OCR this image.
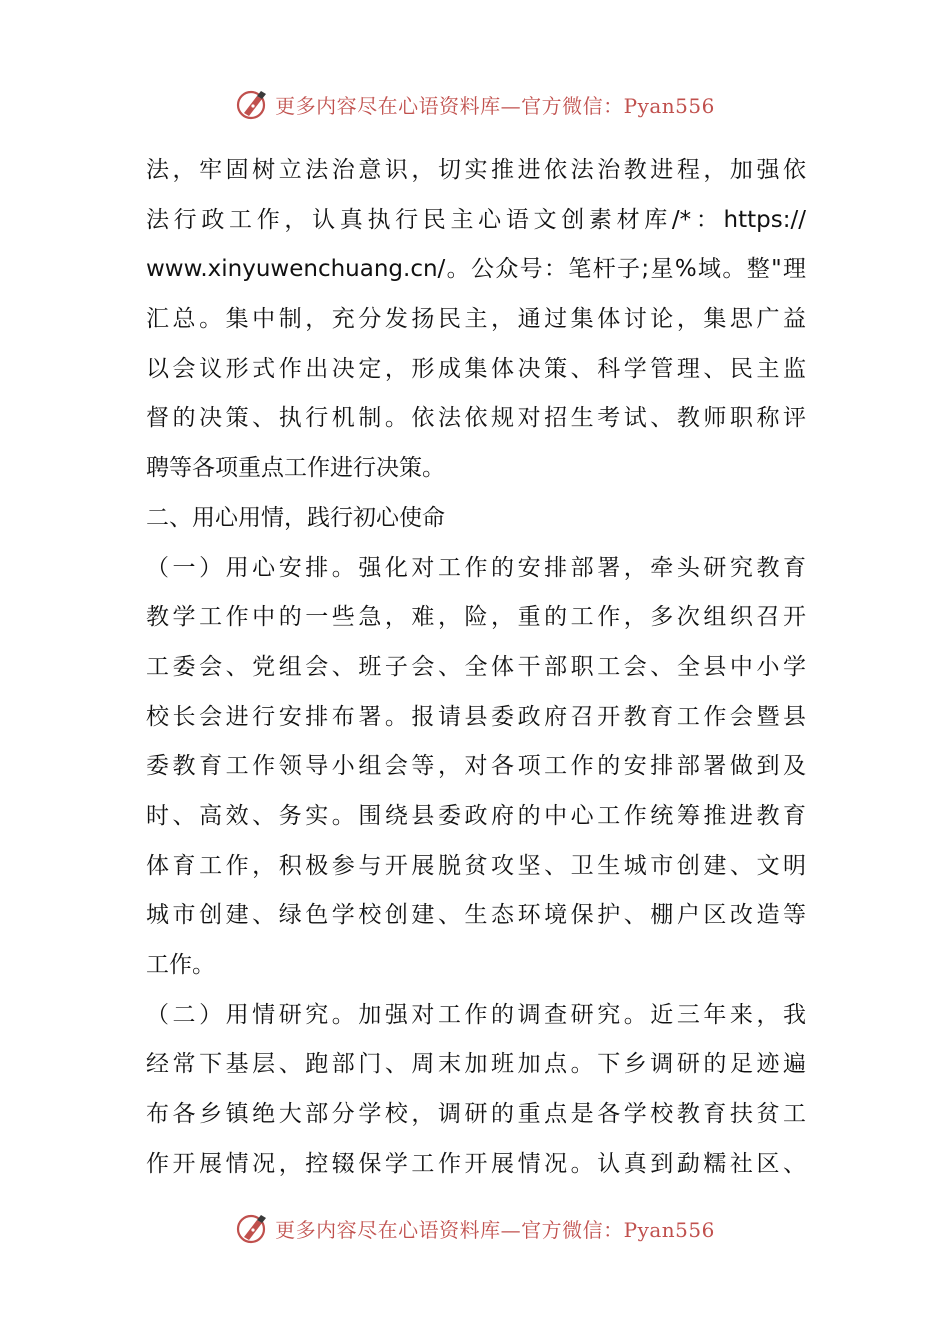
更多内容尽在心语资料库—官方微信：Pyan556
法，牢固树立法治意识，切实推进依法治教进程，加强依
法行政工作，认真执行民主心语文创素材库/*：https://
www.xinyuwenchuang.cn/。公众号：笔杆子;星%域。整"理
汇总。集中制，充分发扬民主，通过集体讨论，集思广益
以会议形式作出决定，形成集体决策、科学管理、民主监
督的决策、执行机制。依法依规对招生考试、教师职称评
聘等各项重点工作进行决策。
二、用心用情，践行初心使命
（一）用心安排。强化对工作的安排部署，牵头研究教育
教学工作中的一些急，难，险，重的工作，多次组织召开
工委会、党组会、班子会、全体干部职工会、全县中小学
校长会进行安排布署。报请县委政府召开教育工作会暨县
委教育工作领导小组会等，对各项工作的安排部署做到及
时、高效、务实。围绕县委政府的中心工作统筹推进教育
体育工作，积极参与开展脱贫攻坚、卫生城市创建、文明
城市创建、绿色学校创建、生态环境保护、棚户区改造等
工作。
（二）用情研究。加强对工作的调查研究。近三年来，我
经常下基层、跑部门、周末加班加点。下乡调研的足迹遍
布各乡镇绝大部分学校，调研的重点是各学校教育扶贫工
作开展情况，控辍保学工作开展情况。认真到勐糯社区、
更多内容尽在心语资料库—官方微信：Pyan556
